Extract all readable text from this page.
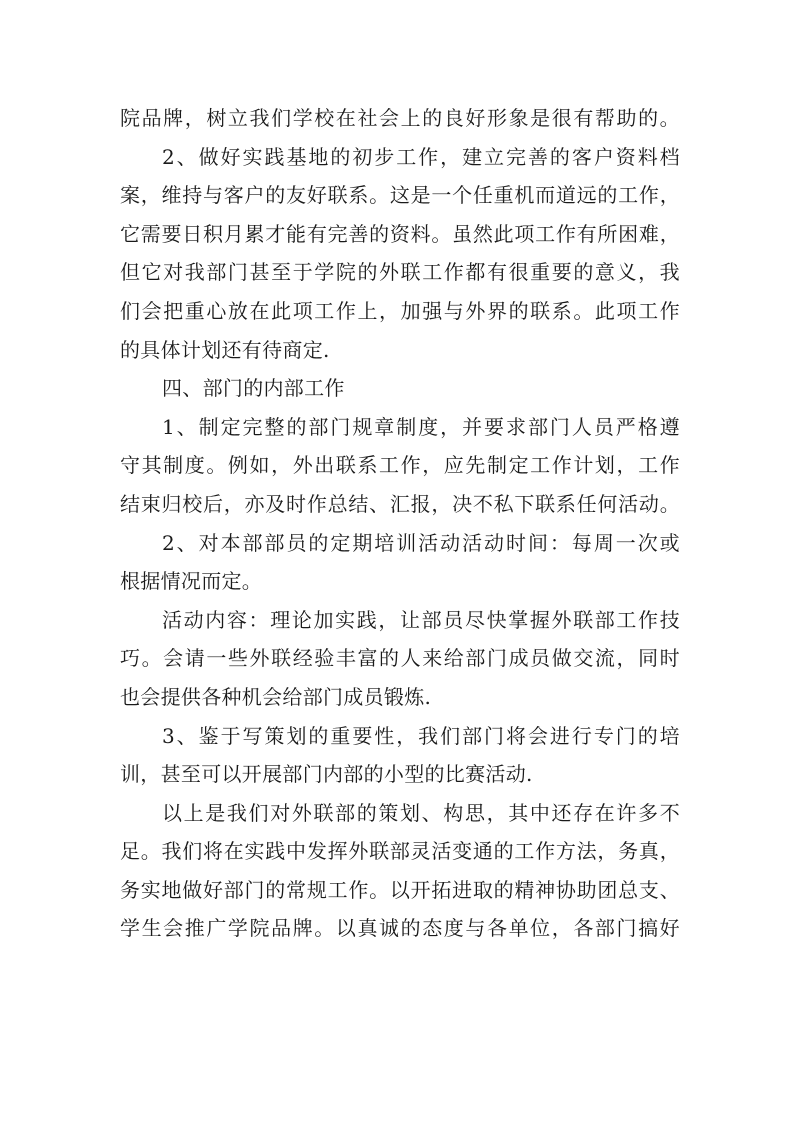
院品牌，树立我们学校在社会上的良好形象是很有帮助的。
2、做好实践基地的初步工作，建立完善的客户资料档
案，维持与客户的友好联系。这是一个任重机而道远的工作，
它需要日积月累才能有完善的资料。虽然此项工作有所困难，
但它对我部门甚至于学院的外联工作都有很重要的意义，我
们会把重心放在此项工作上，加强与外界的联系。此项工作
的具体计划还有待商定.
四、部门的内部工作
1、制定完整的部门规章制度，并要求部门人员严格遵
守其制度。例如，外出联系工作，应先制定工作计划，工作
结束归校后，亦及时作总结、汇报，决不私下联系任何活动。
2、对本部部员的定期培训活动活动时间：每周一次或
根据情况而定。
活动内容：理论加实践，让部员尽快掌握外联部工作技
巧。会请一些外联经验丰富的人来给部门成员做交流，同时
也会提供各种机会给部门成员锻炼.
3、鉴于写策划的重要性，我们部门将会进行专门的培
训，甚至可以开展部门内部的小型的比赛活动.
以上是我们对外联部的策划、构思，其中还存在许多不
足。我们将在实践中发挥外联部灵活变通的工作方法，务真，
务实地做好部门的常规工作。以开拓进取的精神协助团总支、
学生会推广学院品牌。以真诚的态度与各单位，各部门搞好
